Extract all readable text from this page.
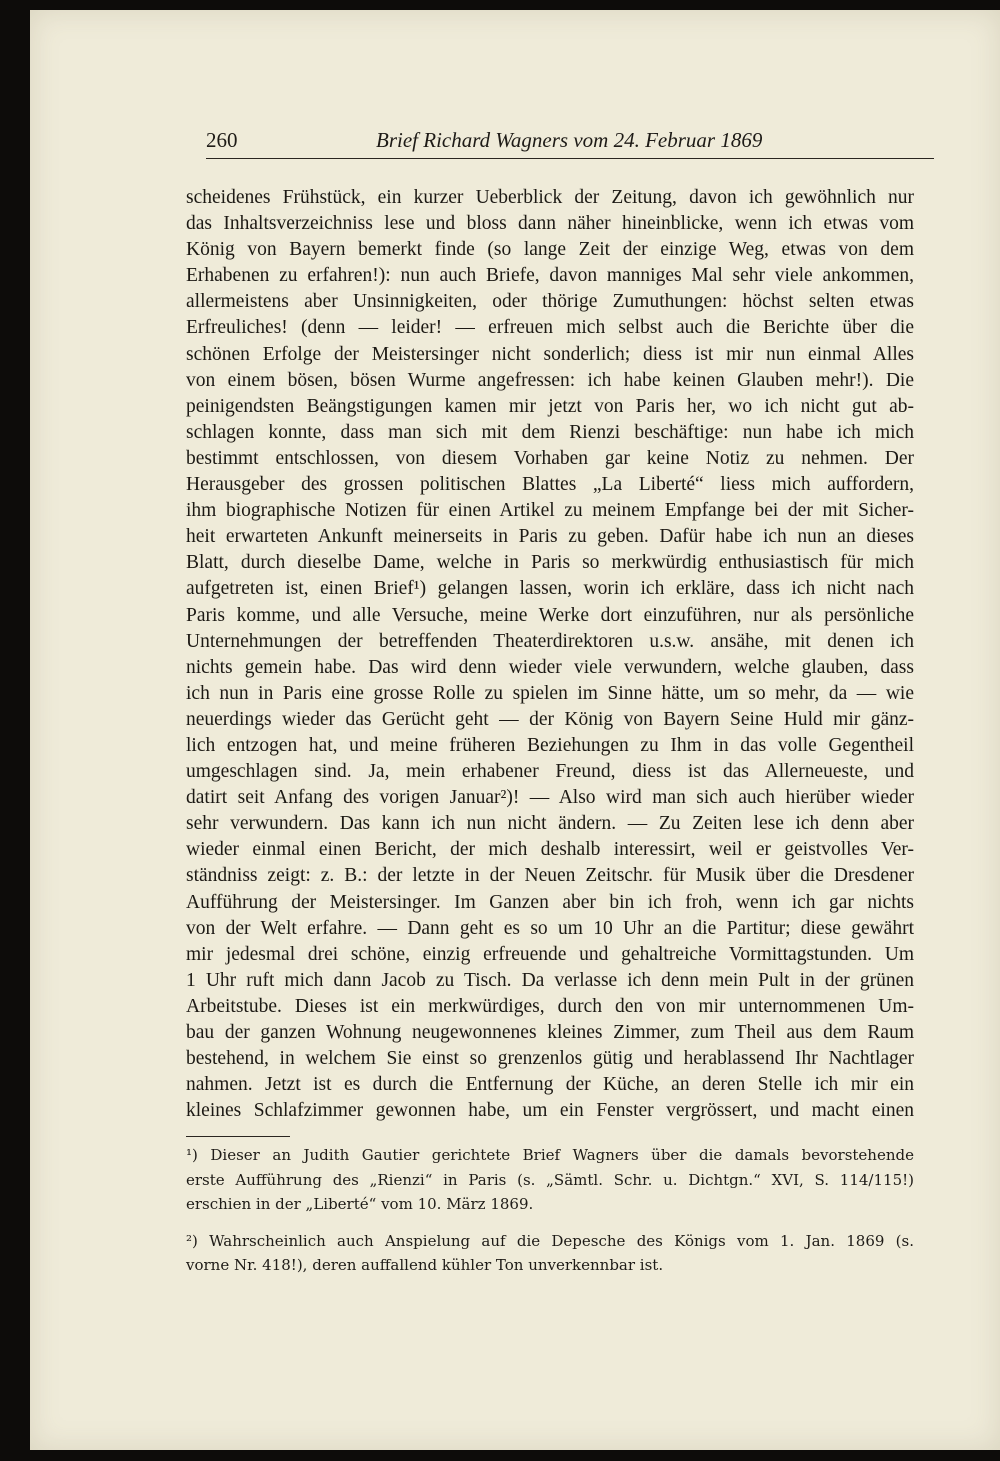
260	Brief Richard Wagners vom 24. Februar 1869
scheidenes Frühstück, ein kurzer Ueberblick der Zeitung, davon ich gewöhnlich nur
das Inhaltsverzeichniss lese und bloss dann näher hineinblicke, wenn ich etwas vom
König von Bayern bemerkt finde (so lange Zeit der einzige Weg, etwas von dem
Erhabenen zu erfahren!): nun auch Briefe, davon manniges Mal sehr viele ankommen,
allermeistens aber Unsinnigkeiten, oder thörige Zumuthungen: höchst selten etwas
Erfreuliches! (denn — leider! — erfreuen mich selbst auch die Berichte über die
schönen Erfolge der Meistersinger nicht sonderlich; diess ist mir nun einmal Alles
von einem bösen, bösen Wurme angefressen: ich habe keinen Glauben mehr!). Die
peinigendsten Beängstigungen kamen mir jetzt von Paris her, wo ich nicht gut ab-
schlagen konnte, dass man sich mit dem Rienzi beschäftige: nun habe ich mich
bestimmt entschlossen, von diesem Vorhaben gar keine Notiz zu nehmen. Der
Herausgeber des grossen politischen Blattes „La Liberté“ liess mich auffordern,
ihm biographische Notizen für einen Artikel zu meinem Empfange bei der mit Sicher-
heit erwarteten Ankunft meinerseits in Paris zu geben. Dafür habe ich nun an dieses
Blatt, durch dieselbe Dame, welche in Paris so merkwürdig enthusiastisch für mich
aufgetreten ist, einen Brief¹) gelangen lassen, worin ich erkläre, dass ich nicht nach
Paris komme, und alle Versuche, meine Werke dort einzuführen, nur als persönliche
Unternehmungen der betreffenden Theaterdirektoren u.s.w. ansähe, mit denen ich
nichts gemein habe. Das wird denn wieder viele verwundern, welche glauben, dass
ich nun in Paris eine grosse Rolle zu spielen im Sinne hätte, um so mehr, da — wie
neuerdings wieder das Gerücht geht — der König von Bayern Seine Huld mir gänz-
lich entzogen hat, und meine früheren Beziehungen zu Ihm in das volle Gegentheil
umgeschlagen sind. Ja, mein erhabener Freund, diess ist das Allerneueste, und
datirt seit Anfang des vorigen Januar²)! — Also wird man sich auch hierüber wieder
sehr verwundern. Das kann ich nun nicht ändern. — Zu Zeiten lese ich denn aber
wieder einmal einen Bericht, der mich deshalb interessirt, weil er geistvolles Ver-
ständniss zeigt: z. B.: der letzte in der Neuen Zeitschr. für Musik über die Dresdener
Aufführung der Meistersinger. Im Ganzen aber bin ich froh, wenn ich gar nichts
von der Welt erfahre. — Dann geht es so um 10 Uhr an die Partitur; diese gewährt
mir jedesmal drei schöne, einzig erfreuende und gehaltreiche Vormittagstunden. Um
1 Uhr ruft mich dann Jacob zu Tisch. Da verlasse ich denn mein Pult in der grünen
Arbeitstube. Dieses ist ein merkwürdiges, durch den von mir unternommenen Um-
bau der ganzen Wohnung neugewonnenes kleines Zimmer, zum Theil aus dem Raum
bestehend, in welchem Sie einst so grenzenlos gütig und herablassend Ihr Nachtlager
nahmen. Jetzt ist es durch die Entfernung der Küche, an deren Stelle ich mir ein
kleines Schlafzimmer gewonnen habe, um ein Fenster vergrössert, und macht einen
¹) Dieser an Judith Gautier gerichtete Brief Wagners über die damals bevorstehende
erste Aufführung des „Rienzi“ in Paris (s. „Sämtl. Schr. u. Dichtgn.“ XVI, S. 114/115!)
erschien in der „Liberté“ vom 10. März 1869.
²) Wahrscheinlich auch Anspielung auf die Depesche des Königs vom 1. Jan. 1869 (s.
vorne Nr. 418!), deren auffallend kühler Ton unverkennbar ist.
